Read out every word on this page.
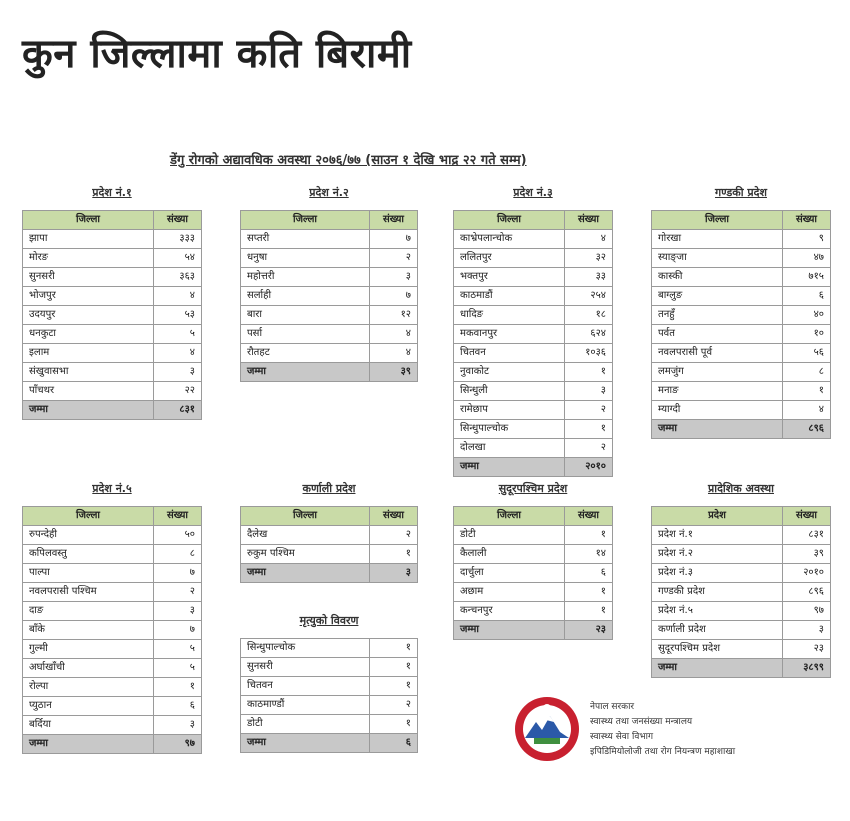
कुन जिल्लामा कति बिरामी
डेंगु रोगको अद्यावधिक अवस्था २०७६/७७ (साउन १ देखि भाद्र २२ गते सम्म)
प्रदेश नं.१
जिल्ला	संख्या
झापा	३३३
मोरङ	५४
सुनसरी	३६३
भोजपुर	४
उदयपुर	५३
धनकुटा	५
इलाम	४
संखुवासभा	३
पाँचथर	२२
जम्मा	८३१
प्रदेश नं.२
जिल्ला	संख्या
सप्तरी	७
धनुषा	२
महोत्तरी	३
सर्लाही	७
बारा	१२
पर्सा	४
रौतहट	४
जम्मा	३९
प्रदेश नं.३
जिल्ला	संख्या
काभ्रेपलान्चोक	४
ललितपुर	३२
भक्तपुर	३३
काठमाडौं	२५४
धादिङ	१८
मकवानपुर	६२४
चितवन	१०३६
नुवाकोट	१
सिन्धुली	३
रामेछाप	२
सिन्धुपाल्चोक	१
दोलखा	२
जम्मा	२०१०
गण्डकी प्रदेश
जिल्ला	संख्या
गोरखा	९
स्याङ्जा	४७
कास्की	७१५
बाग्लुङ	६
तनहुँ	४०
पर्वत	१०
नवलपरासी पूर्व	५६
लमजुंग	८
मनाङ	१
म्याग्दी	४
जम्मा	८९६
प्रदेश नं.५
जिल्ला	संख्या
रुपन्देही	५०
कपिलवस्तु	८
पाल्पा	७
नवलपरासी पश्चिम	२
दाङ	३
बाँके	७
गुल्मी	५
अर्घाखाँची	५
रोल्पा	१
प्युठान	६
बर्दिया	३
जम्मा	९७
कर्णाली प्रदेश
जिल्ला	संख्या
दैलेख	२
रुकुम पश्चिम	१
जम्मा	३
मृत्युको विवरण
सिन्धुपाल्चोक	१
सुनसरी	१
चितवन	१
काठमाण्डौं	२
डोटी	१
जम्मा	६
सुदूरपश्चिम प्रदेश
जिल्ला	संख्या
डोटी	१
कैलाली	१४
दार्चुला	६
अछाम	१
कन्चनपुर	१
जम्मा	२३
प्रादेशिक अवस्था
प्रदेश	संख्या
प्रदेश नं.१	८३१
प्रदेश नं.२	३९
प्रदेश नं.३	२०१०
गण्डकी प्रदेश	८९६
प्रदेश नं.५	९७
कर्णाली प्रदेश	३
सुदूरपश्चिम प्रदेश	२३
जम्मा	३८९९
नेपाल सरकार
स्वास्थ्य तथा जनसंख्या मन्त्रालय
स्वास्थ्य सेवा विभाग
इपिडिमियोलोजी तथा रोग नियन्त्रण महाशाखा
